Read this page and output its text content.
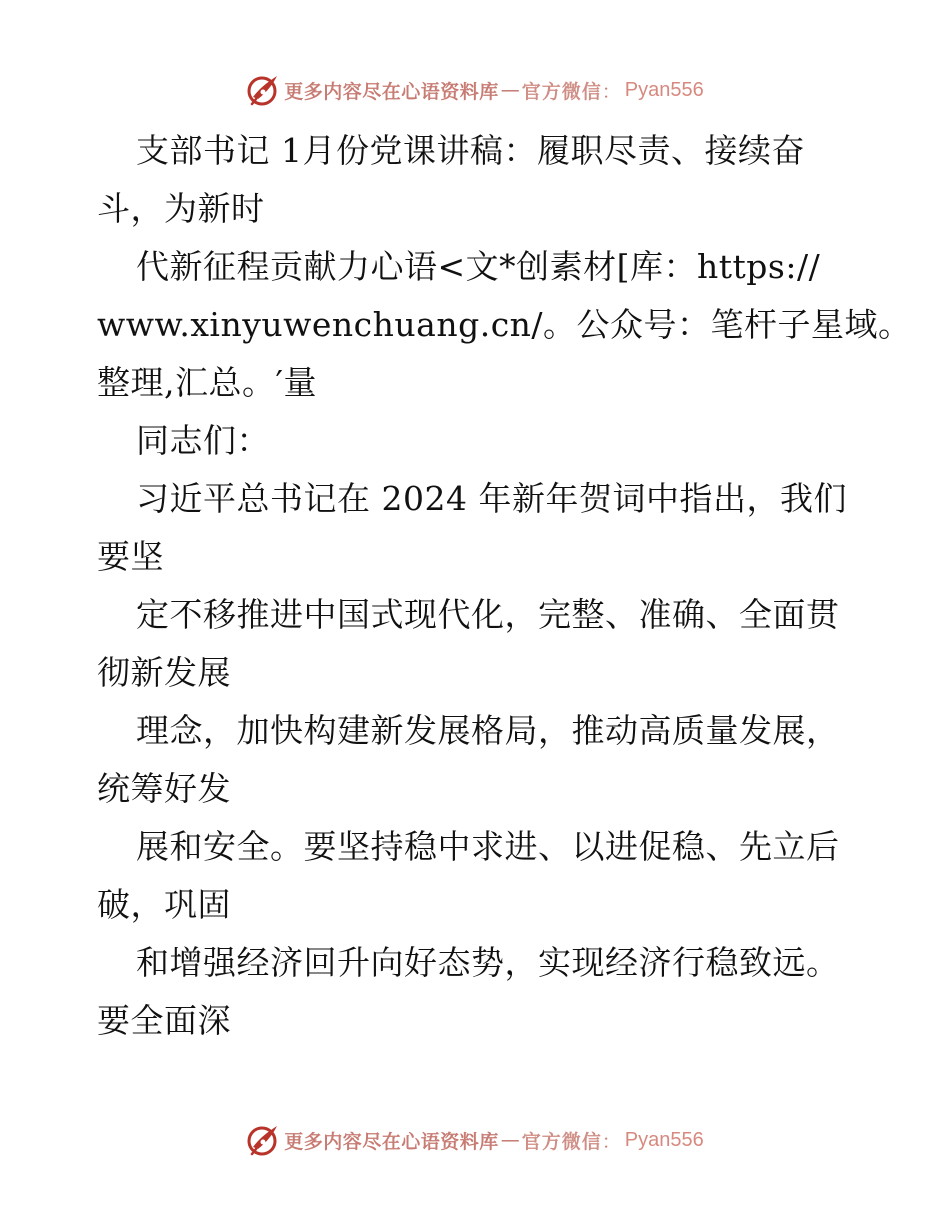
更多内容尽在心语资料库 — 官方微信 ： Pyan556
支部书记 1月份党课讲稿：履职尽责、接续奋
斗，为新时
代新征程贡献力心语<文*创素材[库：https://
www.xinyuwenchuang.cn/。公众号：笔杆子星域。
整理,汇总。′量
同志们：
习近平总书记在 2024 年新年贺词中指出，我们
要坚
定不移推进中国式现代化，完整、准确、全面贯
彻新发展
理念，加快构建新发展格局，推动高质量发展，
统筹好发
展和安全。要坚持稳中求进、以进促稳、先立后
破，巩固
和增强经济回升向好态势，实现经济行稳致远。
要全面深
更多内容尽在心语资料库 — 官方微信 ： Pyan556
